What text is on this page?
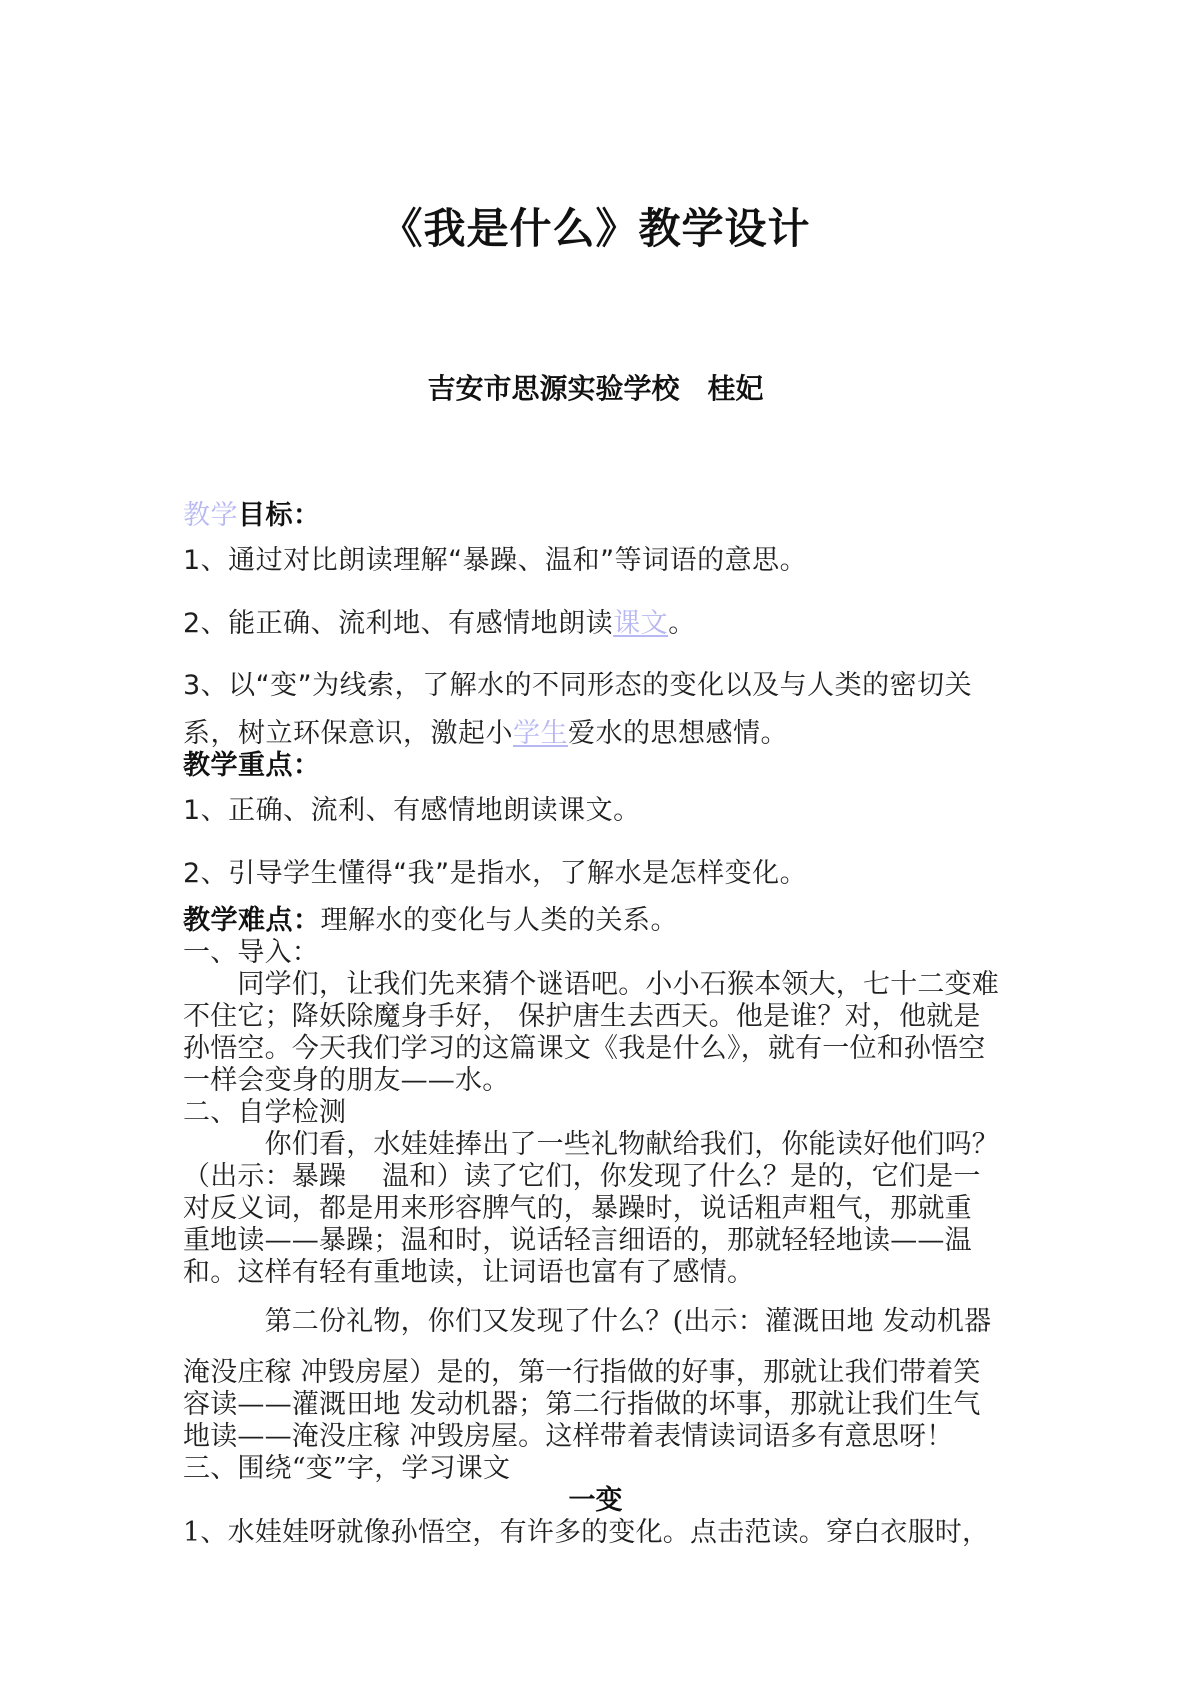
《我是什么》教学设计
吉安市思源实验学校　桂妃
教学目标：
1、通过对比朗读理解“暴躁、温和”等词语的意思。
2、能正确、流利地、有感情地朗读课文。
3、以“变”为线索，了解水的不同形态的变化以及与人类的密切关
系，树立环保意识，激起小学生爱水的思想感情。
教学重点：
1、正确、流利、有感情地朗读课文。
2、引导学生懂得“我”是指水，了解水是怎样变化。
教学难点：理解水的变化与人类的关系。
一、导入：
　　同学们，让我们先来猜个谜语吧。小小石猴本领大，七十二变难
不住它；降妖除魔身手好， 保护唐生去西天。他是谁？对，他就是
孙悟空。今天我们学习的这篇课文《我是什么》，就有一位和孙悟空
一样会变身的朋友——水。
二、自学检测
　　　你们看，水娃娃捧出了一些礼物献给我们，你能读好他们吗？
（出示：暴躁　 温和）读了它们，你发现了什么？是的，它们是一
对反义词，都是用来形容脾气的，暴躁时，说话粗声粗气，那就重
重地读——暴躁；温和时，说话轻言细语的，那就轻轻地读——温
和。这样有轻有重地读，让词语也富有了感情。
　　　第二份礼物，你们又发现了什么？(出示：灌溉田地 发动机器
淹没庄稼 冲毁房屋）是的，第一行指做的好事，那就让我们带着笑
容读——灌溉田地 发动机器；第二行指做的坏事，那就让我们生气
地读——淹没庄稼 冲毁房屋。这样带着表情读词语多有意思呀！
三、围绕“变”字，学习课文
一变
1、水娃娃呀就像孙悟空，有许多的变化。点击范读。穿白衣服时，
